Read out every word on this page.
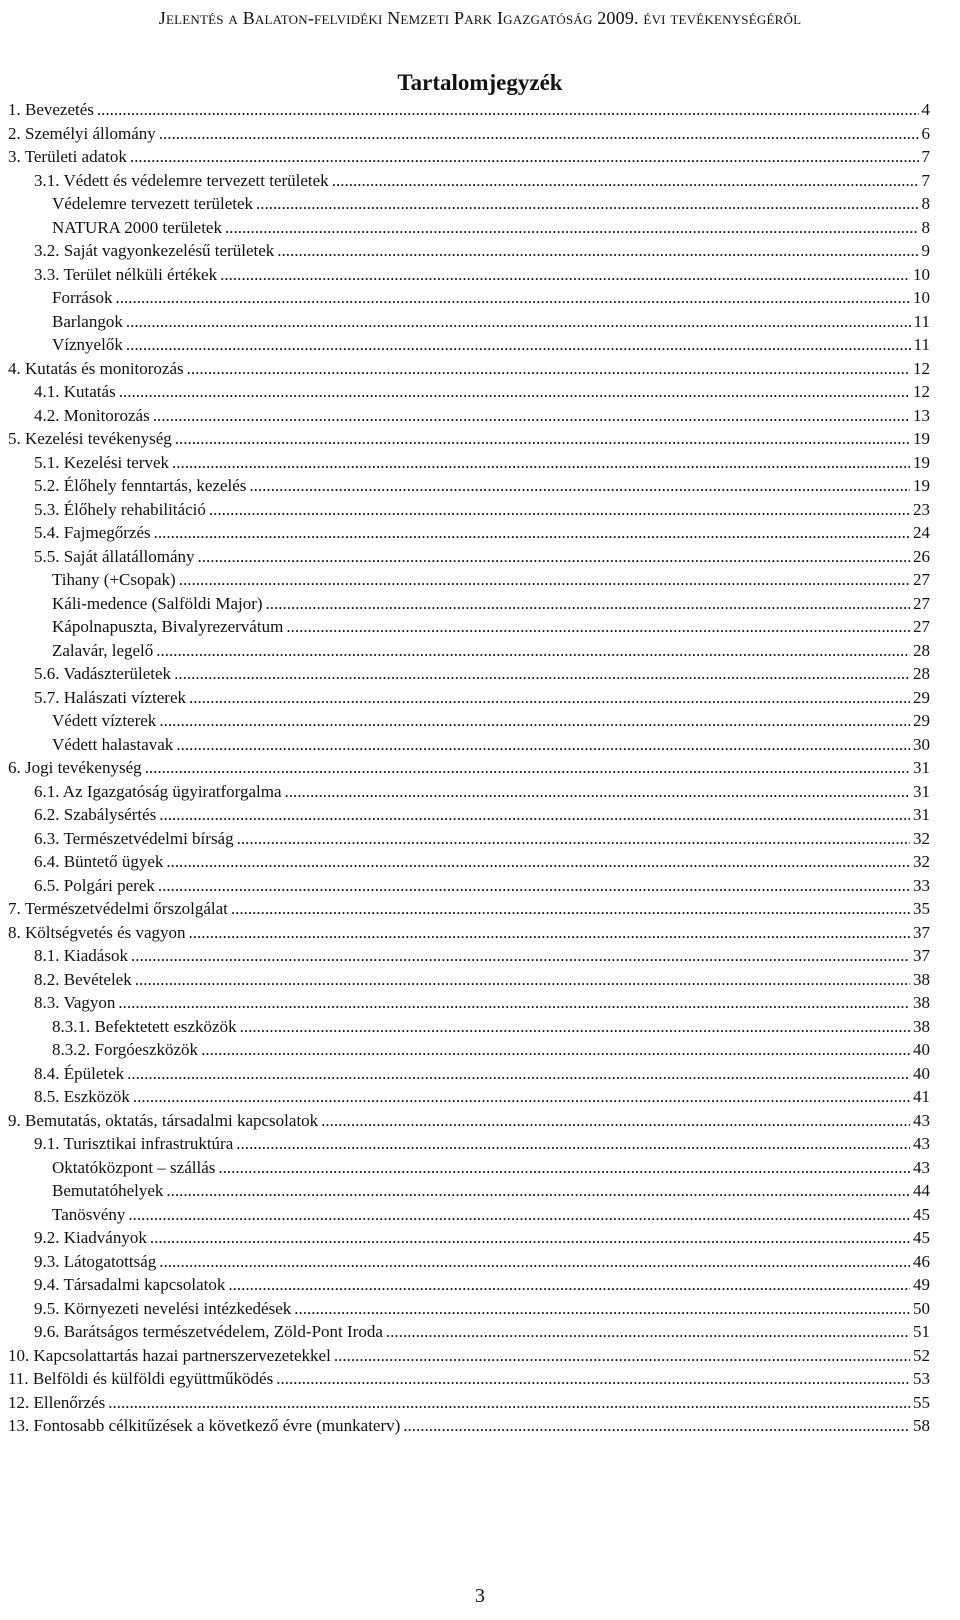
Jelentés a Balaton-felvidéki Nemzeti Park Igazgatóság 2009. évi tevékenységéről
Tartalomjegyzék
1. Bevezetés .....	4
2. Személyi állomány .....	6
3. Területi adatok .....	7
3.1. Védett és védelemre tervezett területek .....	7
Védelemre tervezett területek .....	8
NATURA 2000 területek .....	8
3.2. Saját vagyonkezelésű területek .....	9
3.3. Terület nélküli értékek .....	10
Források .....	10
Barlangok .....	11
Víznyelők .....	11
4. Kutatás és monitorozás .....	12
4.1. Kutatás .....	12
4.2. Monitorozás .....	13
5. Kezelési tevékenység .....	19
5.1. Kezelési tervek .....	19
5.2. Élőhely fenntartás, kezelés .....	19
5.3. Élőhely rehabilitáció .....	23
5.4. Fajmegőrzés .....	24
5.5. Saját állatállomány .....	26
Tihany (+Csopak) .....	27
Káli-medence (Salföldi Major) .....	27
Kápolnapuszta, Bivalyrezervátum .....	27
Zalavár, legelő .....	28
5.6. Vadászterületek .....	28
5.7. Halászati vízterek .....	29
Védett vízterek .....	29
Védett halastavak .....	30
6. Jogi tevékenység .....	31
6.1. Az Igazgatóság ügyiratforgalma .....	31
6.2. Szabálysértés .....	31
6.3. Természetvédelmi bírság .....	32
6.4. Büntető ügyek .....	32
6.5. Polgári perek .....	33
7. Természetvédelmi őrszolgálat .....	35
8. Költségvetés és vagyon .....	37
8.1. Kiadások .....	37
8.2. Bevételek .....	38
8.3. Vagyon .....	38
8.3.1. Befektetett eszközök .....	38
8.3.2. Forgóeszközök .....	40
8.4. Épületek .....	40
8.5. Eszközök .....	41
9. Bemutatás, oktatás, társadalmi kapcsolatok .....	43
9.1. Turisztikai infrastruktúra .....	43
Oktatóközpont – szállás .....	43
Bemutatóhelyek .....	44
Tanösvény .....	45
9.2. Kiadványok .....	45
9.3. Látogatottság .....	46
9.4. Társadalmi kapcsolatok .....	49
9.5. Környezeti nevelési intézkedések .....	50
9.6. Barátságos természetvédelem, Zöld-Pont Iroda .....	51
10. Kapcsolattartás hazai partnerszervezetekkel .....	52
11. Belföldi és külföldi együttműködés .....	53
12. Ellenőrzés .....	55
13. Fontosabb célkitűzések a következő évre (munkaterv) .....	58
3
